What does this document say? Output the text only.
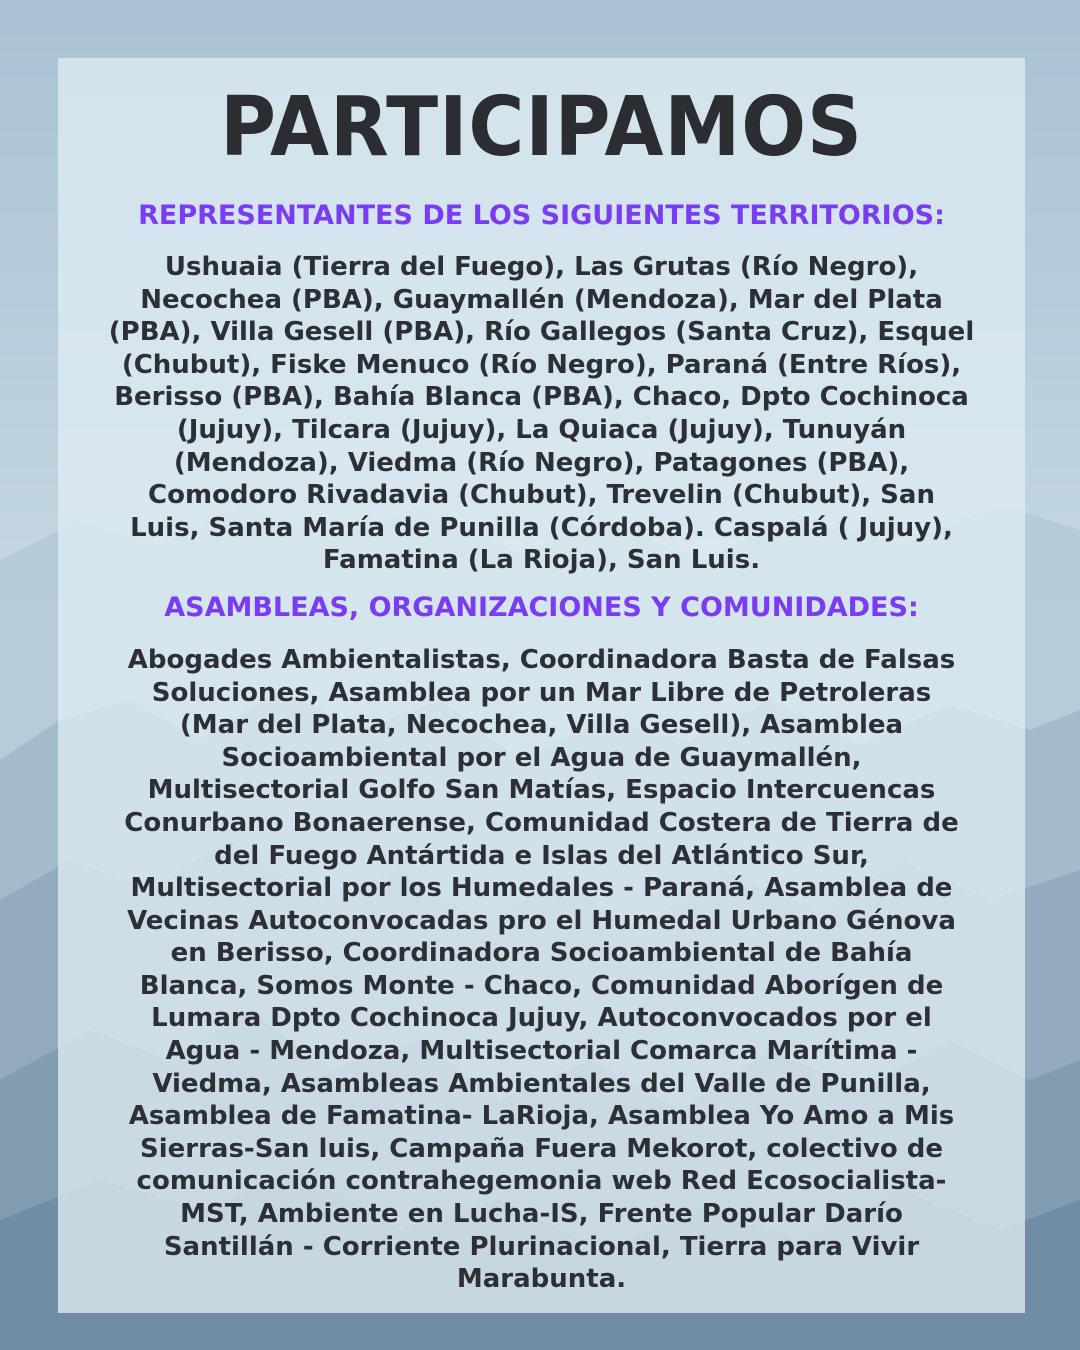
PARTICIPAMOS
REPRESENTANTES DE LOS SIGUIENTES TERRITORIOS:
Ushuaia (Tierra del Fuego), Las Grutas (Río Negro),
Necochea (PBA), Guaymallén (Mendoza), Mar del Plata
(PBA), Villa Gesell (PBA), Río Gallegos (Santa Cruz), Esquel
(Chubut), Fiske Menuco (Río Negro), Paraná (Entre Ríos),
Berisso (PBA), Bahía Blanca (PBA), Chaco, Dpto Cochinoca
(Jujuy), Tilcara (Jujuy), La Quiaca (Jujuy), Tunuyán
(Mendoza), Viedma (Río Negro), Patagones (PBA),
Comodoro Rivadavia (Chubut), Trevelin (Chubut), San
Luis, Santa María de Punilla (Córdoba). Caspalá ( Jujuy),
Famatina (La Rioja), San Luis.
ASAMBLEAS, ORGANIZACIONES Y COMUNIDADES:
Abogades Ambientalistas, Coordinadora Basta de Falsas
Soluciones, Asamblea por un Mar Libre de Petroleras
(Mar del Plata, Necochea, Villa Gesell), Asamblea
Socioambiental por el Agua de Guaymallén,
Multisectorial Golfo San Matías, Espacio Intercuencas
Conurbano Bonaerense, Comunidad Costera de Tierra de
del Fuego Antártida e Islas del Atlántico Sur,
Multisectorial por los Humedales - Paraná, Asamblea de
Vecinas Autoconvocadas pro el Humedal Urbano Génova
en Berisso, Coordinadora Socioambiental de Bahía
Blanca, Somos Monte - Chaco, Comunidad Aborígen de
Lumara Dpto Cochinoca Jujuy, Autoconvocados por el
Agua - Mendoza, Multisectorial Comarca Marítima -
Viedma, Asambleas Ambientales del Valle de Punilla,
Asamblea de Famatina- LaRioja, Asamblea Yo Amo a Mis
Sierras-San luis, Campaña Fuera Mekorot, colectivo de
comunicación contrahegemonia web Red Ecosocialista-
MST, Ambiente en Lucha-IS, Frente Popular Darío
Santillán - Corriente Plurinacional, Tierra para Vivir
Marabunta.
